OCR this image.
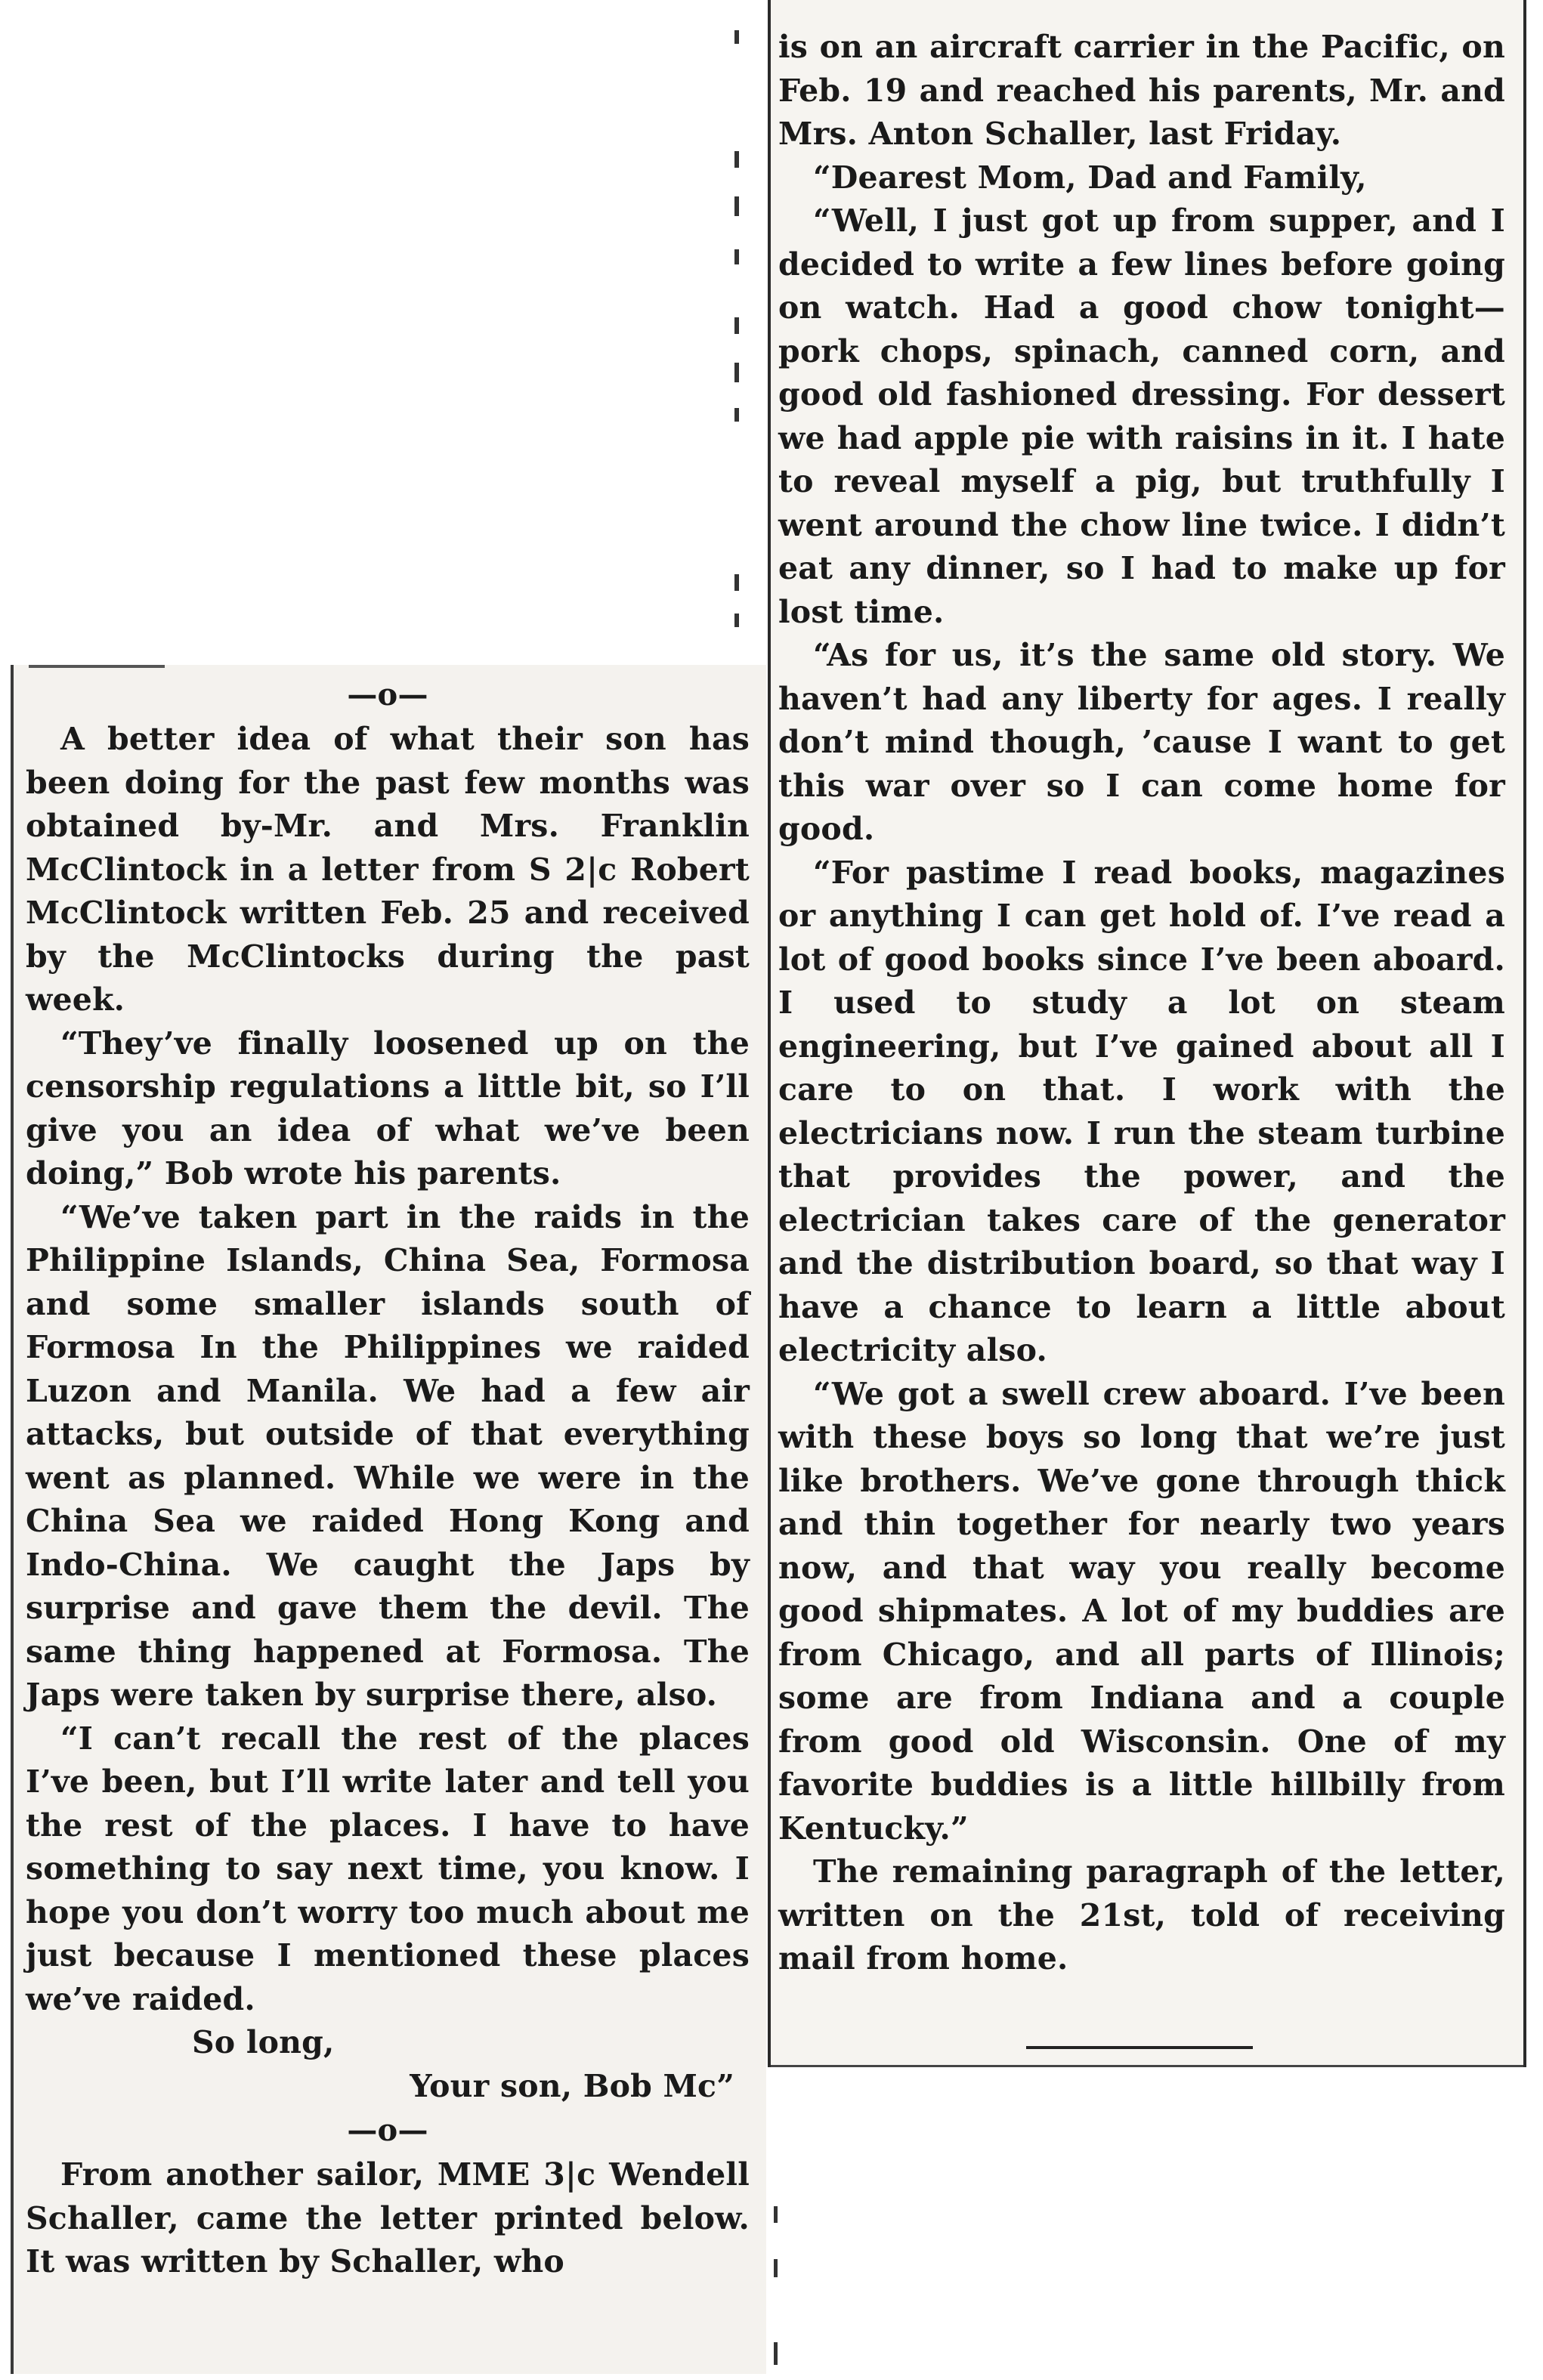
—o—

A better idea of what their son has been doing for the past few months was obtained by-Mr. and Mrs. Franklin McClintock in a letter from S 2|c Robert McClintock written Feb. 25 and received by the McClintocks during the past week.

“They’ve finally loosened up on the censorship regulations a little bit, so I’ll give you an idea of what we’ve been doing,” Bob wrote his parents.

“We’ve taken part in the raids in the Philippine Islands, China Sea, Formosa and some smaller islands south of Formosa In the Philippines we raided Luzon and Manila. We had a few air attacks, but outside of that everything went as planned. While we were in the China Sea we raided Hong Kong and Indo-China. We caught the Japs by surprise and gave them the devil. The same thing happened at Formosa. The Japs were taken by surprise there, also.

“I can’t recall the rest of the places I’ve been, but I’ll write later and tell you the rest of the places. I have to have something to say next time, you know. I hope you don’t worry too much about me just because I mentioned these places we’ve raided.

So long,
Your son, Bob Mc”
—o—

From another sailor, MME 3|c Wendell Schaller, came the letter printed below. It was written by Schaller, who

is on an aircraft carrier in the Pacific, on Feb. 19 and reached his parents, Mr. and Mrs. Anton Schaller, last Friday.

“Dearest Mom, Dad and Family,

“Well, I just got up from supper, and I decided to write a few lines before going on watch. Had a good chow tonight—pork chops, spinach, canned corn, and good old fashioned dressing. For dessert we had apple pie with raisins in it. I hate to reveal myself a pig, but truthfully I went around the chow line twice. I didn’t eat any dinner, so I had to make up for lost time.

“As for us, it’s the same old story. We haven’t had any liberty for ages. I really don’t mind though, ’cause I want to get this war over so I can come home for good.

“For pastime I read books, magazines or anything I can get hold of. I’ve read a lot of good books since I’ve been aboard. I used to study a lot on steam engineering, but I’ve gained about all I care to on that. I work with the electricians now. I run the steam turbine that provides the power, and the electrician takes care of the generator and the distribution board, so that way I have a chance to learn a little about electricity also.

“We got a swell crew aboard. I’ve been with these boys so long that we’re just like brothers. We’ve gone through thick and thin together for nearly two years now, and that way you really become good shipmates. A lot of my buddies are from Chicago, and all parts of Illinois; some are from Indiana and a couple from good old Wisconsin. One of my favorite buddies is a little hillbilly from Kentucky.”

The remaining paragraph of the letter, written on the 21st, told of receiving mail from home.
